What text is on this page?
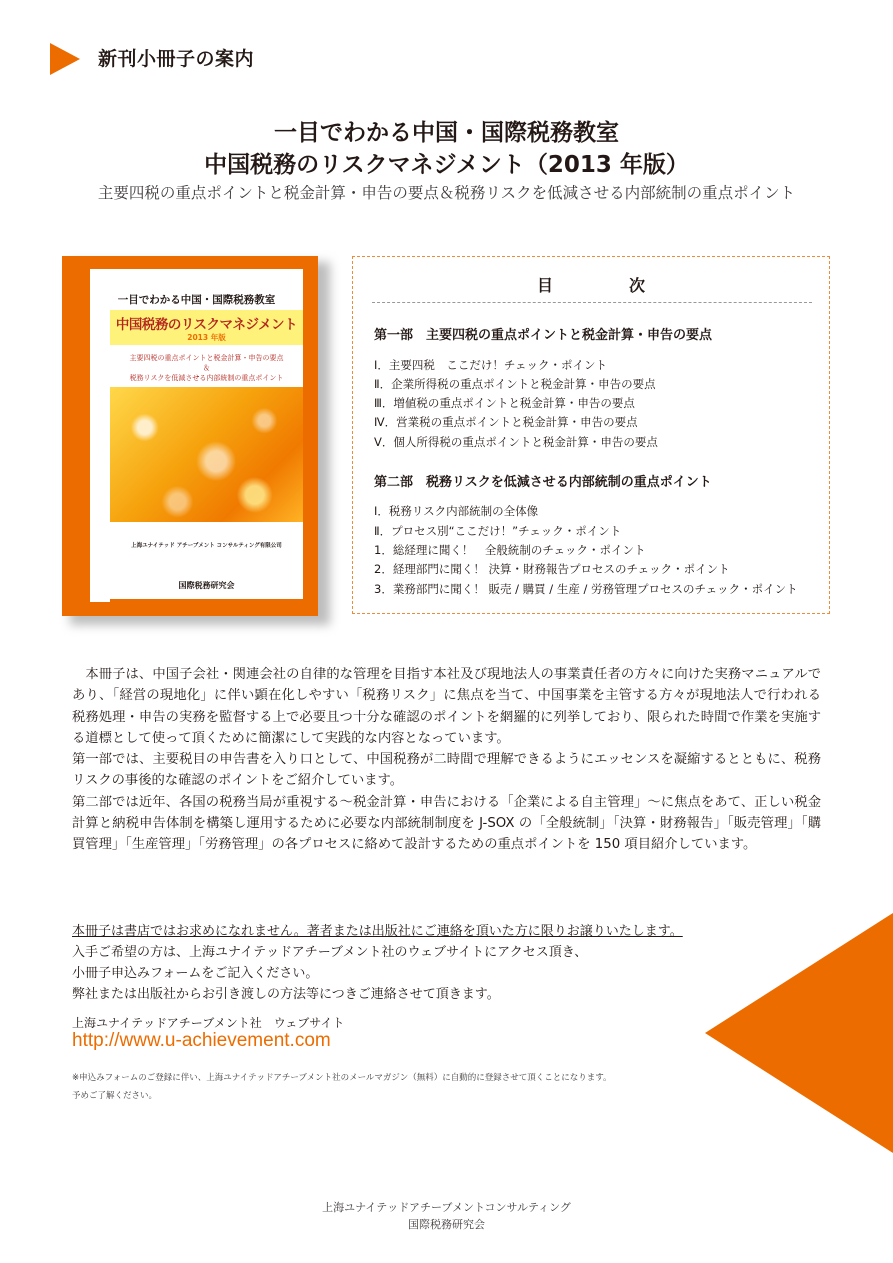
新刊小冊子の案内
一目でわかる中国・国際税務教室
中国税務のリスクマネジメント（2013 年版）
主要四税の重点ポイントと税金計算・申告の要点＆税務リスクを低減させる内部統制の重点ポイント
一目でわかる中国・国際税務教室
中国税務のリスクマネジメント
2013 年版
主要四税の重点ポイントと税金計算・申告の要点
＆
税務リスクを低減させる内部統制の重点ポイント
上海ユナイテッド アチーブメント コンサルティング有限公司
国際税務研究会
目　次
第一部　主要四税の重点ポイントと税金計算・申告の要点
Ⅰ．主要四税　ここだけ！チェック・ポイント
Ⅱ．企業所得税の重点ポイントと税金計算・申告の要点
Ⅲ．増値税の重点ポイントと税金計算・申告の要点
Ⅳ．営業税の重点ポイントと税金計算・申告の要点
Ⅴ．個人所得税の重点ポイントと税金計算・申告の要点
第二部　税務リスクを低減させる内部統制の重点ポイント
Ⅰ．税務リスク内部統制の全体像
Ⅱ．プロセス別“ここだけ！”チェック・ポイント
1．総経理に聞く！　全般統制のチェック・ポイント
2．経理部門に聞く！ 決算・財務報告プロセスのチェック・ポイント
3．業務部門に聞く！ 販売 / 購買 / 生産 / 労務管理プロセスのチェック・ポイント

　本冊子は、中国子会社・関連会社の自律的な管理を目指す本社及び現地法人の事業責任者の方々に向けた実務マニュアルであり、「経営の現地化」に伴い顕在化しやすい「税務リスク」に焦点を当て、中国事業を主管する方々が現地法人で行われる税務処理・申告の実務を監督する上で必要且つ十分な確認のポイントを網羅的に列挙しており、限られた時間で作業を実施する道標として使って頂くために簡潔にして実践的な内容となっています。

第一部では、主要税目の申告書を入り口として、中国税務が二時間で理解できるようにエッセンスを凝縮するとともに、税務リスクの事後的な確認のポイントをご紹介しています。

第二部では近年、各国の税務当局が重視する～税金計算・申告における「企業による自主管理」～に焦点をあて、正しい税金計算と納税申告体制を構築し運用するために必要な内部統制制度を J-SOX の「全般統制」「決算・財務報告」「販売管理」「購買管理」「生産管理」「労務管理」の各プロセスに絡めて設計するための重点ポイントを 150 項目紹介しています。

本冊子は書店ではお求めになれません。著者または出版社にご連絡を頂いた方に限りお譲りいたします。
入手ご希望の方は、上海ユナイテッドアチーブメント社のウェブサイトにアクセス頂き、
小冊子申込みフォームをご記入ください。
弊社または出版社からお引き渡しの方法等につきご連絡させて頂きます。
上海ユナイテッドアチーブメント社　ウェブサイト
http://www.u-achievement.com
※申込みフォームのご登録に伴い、上海ユナイテッドアチーブメント社のメールマガジン（無料）に自動的に登録させて頂くことになります。
予めご了解ください。
上海ユナイテッドアチーブメントコンサルティング
国際税務研究会
